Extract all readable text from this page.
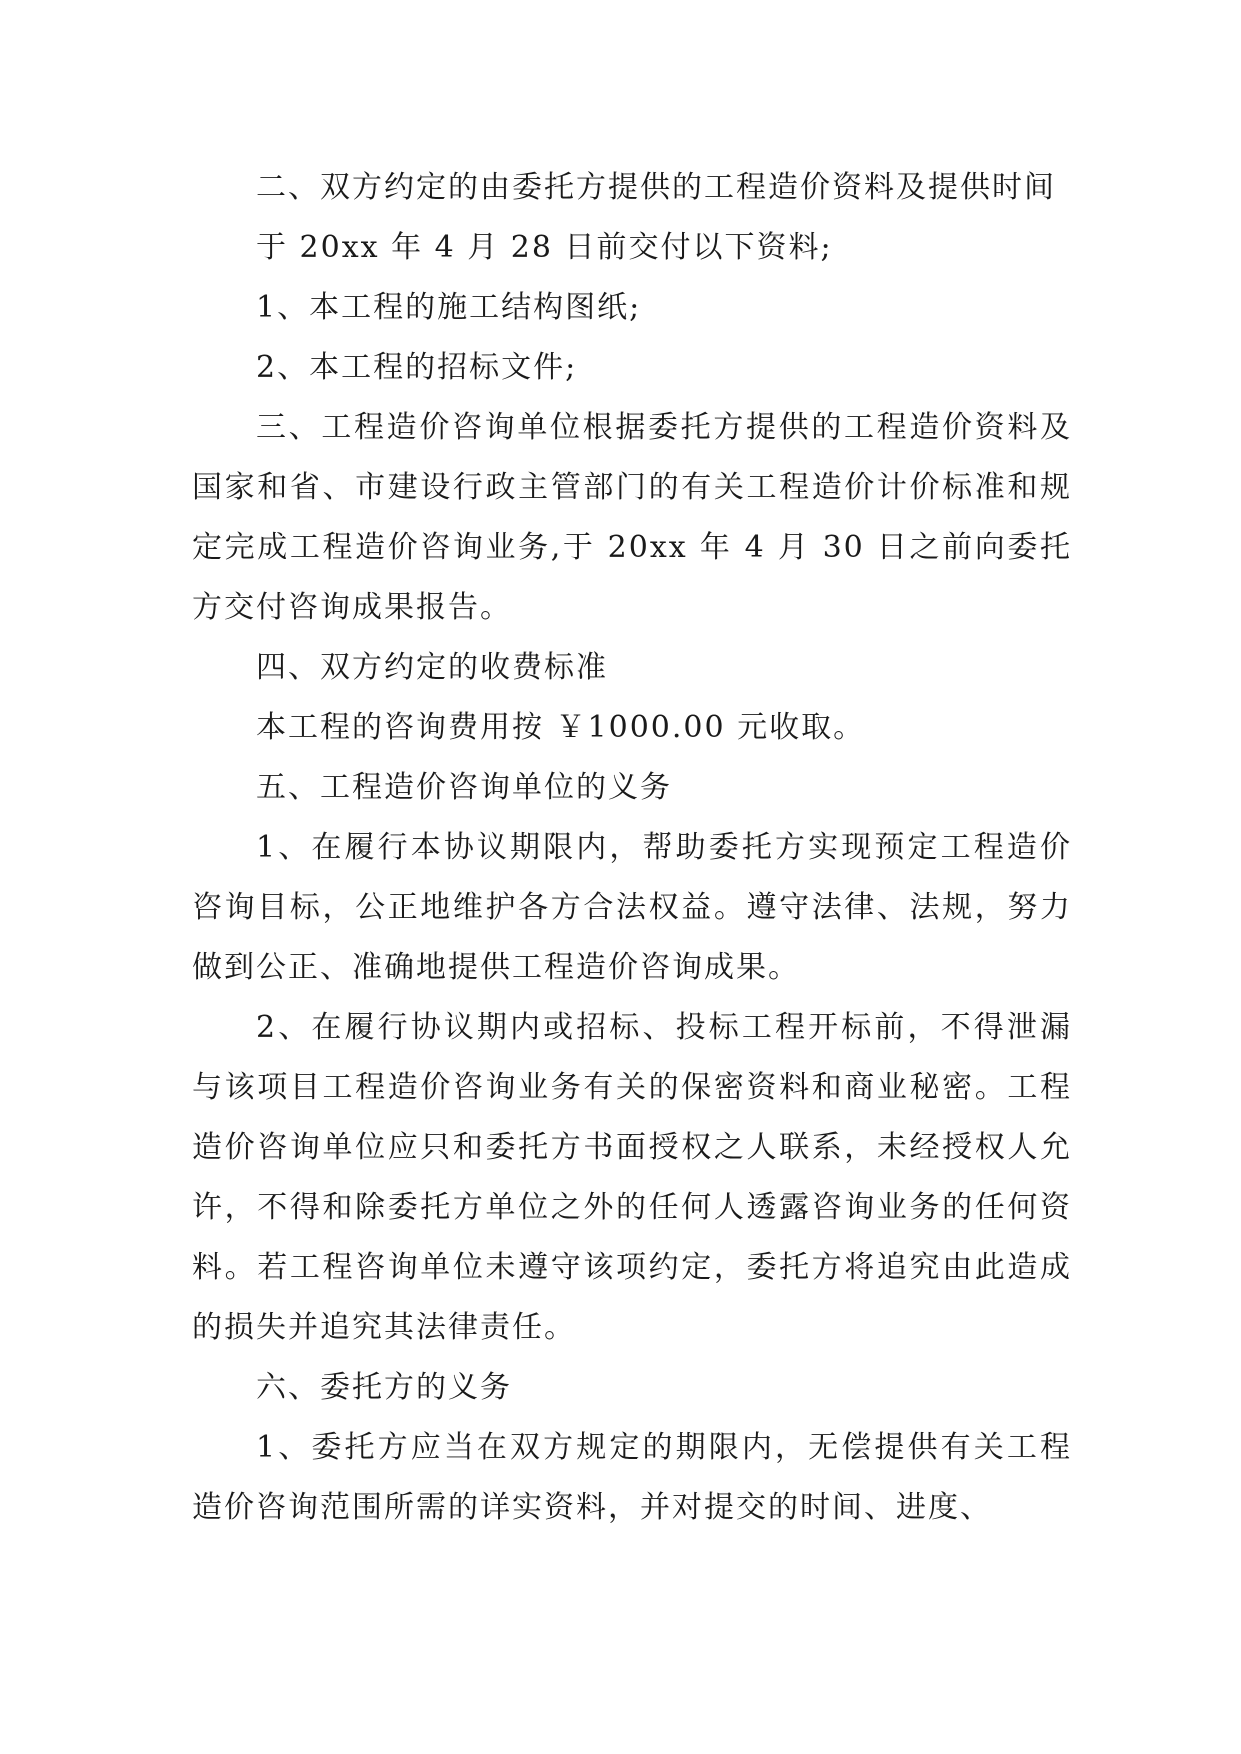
二、双方约定的由委托方提供的工程造价资料及提供时间

于 20xx 年 4 月 28 日前交付以下资料;

1、本工程的施工结构图纸;

2、本工程的招标文件;

三、工程造价咨询单位根据委托方提供的工程造价资料及国家和省、市建设行政主管部门的有关工程造价计价标准和规定完成工程造价咨询业务,于 20xx 年 4 月 30 日之前向委托方交付咨询成果报告。

四、双方约定的收费标准

本工程的咨询费用按 ￥1000.00 元收取。

五、工程造价咨询单位的义务

1、在履行本协议期限内，帮助委托方实现预定工程造价咨询目标，公正地维护各方合法权益。遵守法律、法规，努力做到公正、准确地提供工程造价咨询成果。

2、在履行协议期内或招标、投标工程开标前，不得泄漏与该项目工程造价咨询业务有关的保密资料和商业秘密。工程造价咨询单位应只和委托方书面授权之人联系，未经授权人允许，不得和除委托方单位之外的任何人透露咨询业务的任何资料。若工程咨询单位未遵守该项约定，委托方将追究由此造成的损失并追究其法律责任。

六、委托方的义务

1、委托方应当在双方规定的期限内，无偿提供有关工程造价咨询范围所需的详实资料，并对提交的时间、进度、
